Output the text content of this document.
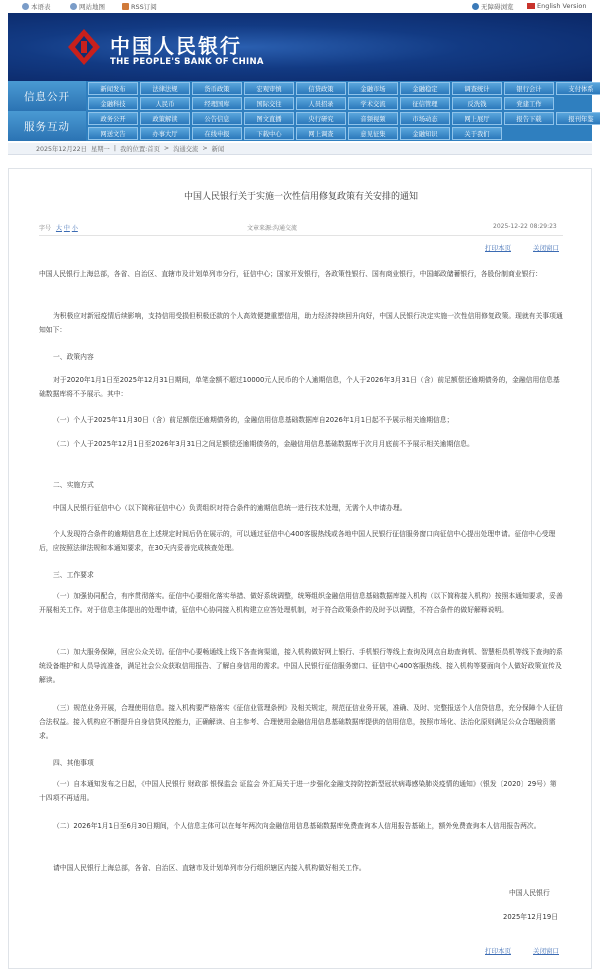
本语表	网站地图	RSS订阅	无障碍浏览	English Version
中国人民银行
THE PEOPLE'S BANK OF CHINA
信息公开
新闻发布	法律法规	货币政策	宏观审慎	信贷政策	金融市场	金融稳定	调查统计	银行会计	支付体系
金融科技	人民币	经理国库	国际交往	人员招录	学术交流	征信管理	反洗钱	党建工作
服务互动
政务公开	政策解读	公告信息	图文直播	央行研究	音频视频	市场动态	网上展厅	报告下载	报刊年鉴
网送文告	办事大厅	在线申报	下载中心	网上调查	意见征集	金融知识	关于我们
2025年12月22日 星期一 | 我的位置:首页 > 沟通交流 > 新闻
中国人民银行关于实施一次性信用修复政策有关安排的通知
字号 大 中 小	文章来源:沟通交流	2025-12-22 08:29:23
打印本页	关闭窗口

中国人民银行上海总部，各省、自治区、直辖市及计划单列市分行，征信中心；国家开发银行，各政策性银行、国有商业银行，中国邮政储蓄银行，各股份制商业银行：

为积极应对新冠疫情后续影响，支持信用受损但积极还款的个人高效便捷重塑信用，助力经济持续回升向好，中国人民银行决定实施一次性信用修复政策。现就有关事项通知如下：

一、政策内容

对于2020年1月1日至2025年12月31日期间，单笔金额不超过10000元人民币的个人逾期信息，个人于2026年3月31日（含）前足额偿还逾期债务的，金融信用信息基础数据库将不予展示。其中：

（一）个人于2025年11月30日（含）前足额偿还逾期债务的，金融信用信息基础数据库自2026年1月1日起不予展示相关逾期信息；

（二）个人于2025年12月1日至2026年3月31日之间足额偿还逾期债务的，金融信用信息基础数据库于次月月底前不予展示相关逾期信息。

二、实施方式

中国人民银行征信中心（以下简称征信中心）负责组织对符合条件的逾期信息统一进行技术处理，无需个人申请办理。

个人发现符合条件的逾期信息在上述规定时间后仍在展示的，可以通过征信中心400客服热线或各地中国人民银行征信服务窗口向征信中心提出处理申请。征信中心受理后，应按照法律法规和本通知要求，在30天内妥善完成核查处理。

三、工作要求

（一）加强协同配合，有序贯彻落实。征信中心要细化落实举措、做好系统调整，统筹组织金融信用信息基础数据库接入机构（以下简称接入机构）按照本通知要求，妥善开展相关工作。对于信息主体提出的处理申请，征信中心协同接入机构建立应答处理机制，对于符合政策条件的及时予以调整，不符合条件的做好解释说明。

（二）加大服务保障，回应公众关切。征信中心要畅通线上线下各查询渠道，接入机构做好网上银行、手机银行等线上查询及网点自助查询机、智慧柜员机等线下查询的系统设备维护和人员导流准备，满足社会公众获取信用报告、了解自身信用的需求。中国人民银行征信服务窗口、征信中心400客服热线、接入机构等要面向个人做好政策宣传及解读。

（三）规范业务开展，合理使用信息。接入机构要严格落实《征信业管理条例》及相关规定，规范征信业务开展，准确、及时、完整报送个人信贷信息，充分保障个人征信合法权益。接入机构应不断提升自身信贷风控能力，正确解读、自主参考、合理使用金融信用信息基础数据库提供的信用信息，按照市场化、法治化原则满足公众合理融资需求。

四、其他事项

（一）自本通知发布之日起，《中国人民银行 财政部 银保监会 证监会 外汇局关于进一步强化金融支持防控新型冠状病毒感染肺炎疫情的通知》（银发〔2020〕29号）第十四项不再适用。

（二）2026年1月1日至6月30日期间，个人信息主体可以在每年两次向金融信用信息基础数据库免费查询本人信用报告基础上，额外免费查询本人信用报告两次。

请中国人民银行上海总部，各省、自治区、直辖市及计划单列市分行组织辖区内接入机构做好相关工作。

中国人民银行
2025年12月19日
打印本页	关闭窗口
